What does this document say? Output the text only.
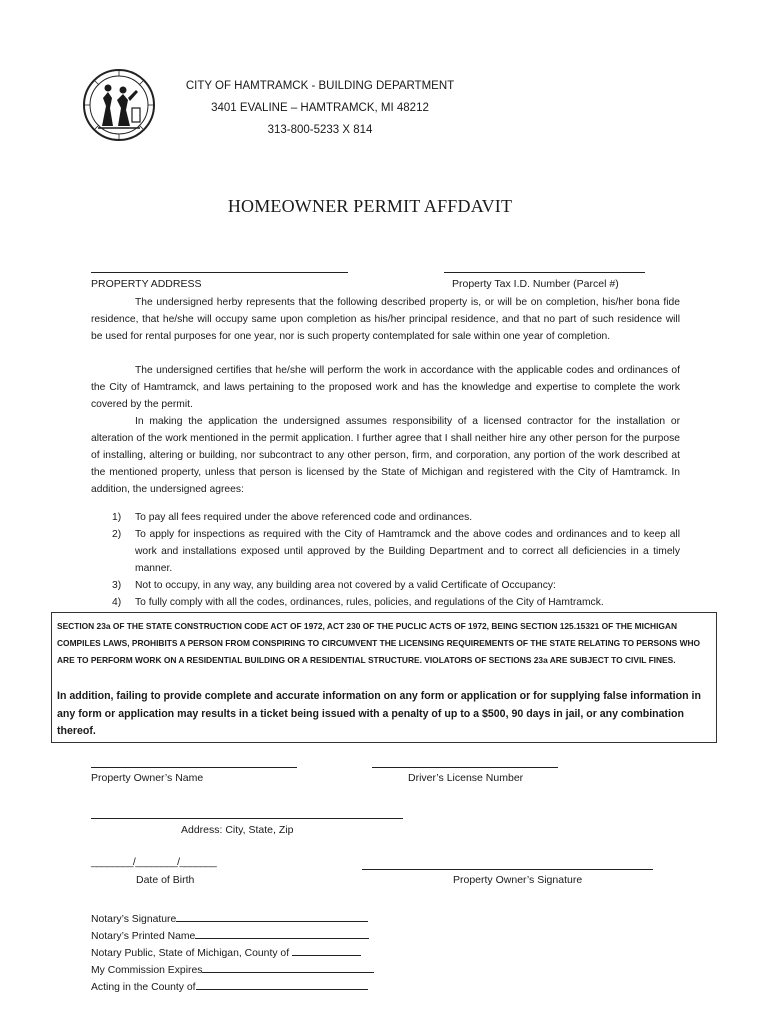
CITY OF HAMTRAMCK - BUILDING DEPARTMENT
3401 EVALINE – HAMTRAMCK, MI 48212
313-800-5233 X 814
HOMEOWNER PERMIT AFFDAVIT
PROPERTY ADDRESS	Property Tax I.D. Number (Parcel #)
The undersigned herby represents that the following described property is, or will be on completion, his/her bona fide residence, that he/she will occupy same upon completion as his/her principal residence, and that no part of such residence will be used for rental purposes for one year, nor is such property contemplated for sale within one year of completion.
The undersigned certifies that he/she will perform the work in accordance with the applicable codes and ordinances of the City of Hamtramck, and laws pertaining to the proposed work and has the knowledge and expertise to complete the work covered by the permit.
In making the application the undersigned assumes responsibility of a licensed contractor for the installation or alteration of the work mentioned in the permit application. I further agree that I shall neither hire any other person for the purpose of installing, altering or building, nor subcontract to any other person, firm, and corporation, any portion of the work described at the mentioned property, unless that person is licensed by the State of Michigan and registered with the City of Hamtramck. In addition, the undersigned agrees:
1) To pay all fees required under the above referenced code and ordinances.
2) To apply for inspections as required with the City of Hamtramck and the above codes and ordinances and to keep all work and installations exposed until approved by the Building Department and to correct all deficiencies in a timely manner.
3) Not to occupy, in any way, any building area not covered by a valid Certificate of Occupancy:
4) To fully comply with all the codes, ordinances, rules, policies, and regulations of the City of Hamtramck.
SECTION 23a OF THE STATE CONSTRUCTION CODE ACT OF 1972, ACT 230 OF THE PUCLIC ACTS OF 1972, BEING SECTION 125.15321 OF THE MICHIGAN COMPILES LAWS, PROHIBITS A PERSON FROM CONSPIRING TO CIRCUMVENT THE LICENSING REQUIREMENTS OF THE STATE RELATING TO PERSONS WHO ARE TO PERFORM WORK ON A RESIDENTIAL BUILDING OR A RESIDENTIAL STRUCTURE. VIOLATORS OF SECTIONS 23a ARE SUBJECT TO CIVIL FINES.
In addition, failing to provide complete and accurate information on any form or application or for supplying false information in any form or application may results in a ticket being issued with a penalty of up to a $500, 90 days in jail, or any combination thereof.
Property Owner’s Name	Driver’s License Number
Address: City, State, Zip
________/________/_______
Date of Birth	Property Owner’s Signature
Notary’s Signature
Notary’s Printed Name
Notary Public, State of Michigan, County of
My Commission Expires
Acting in the County of
